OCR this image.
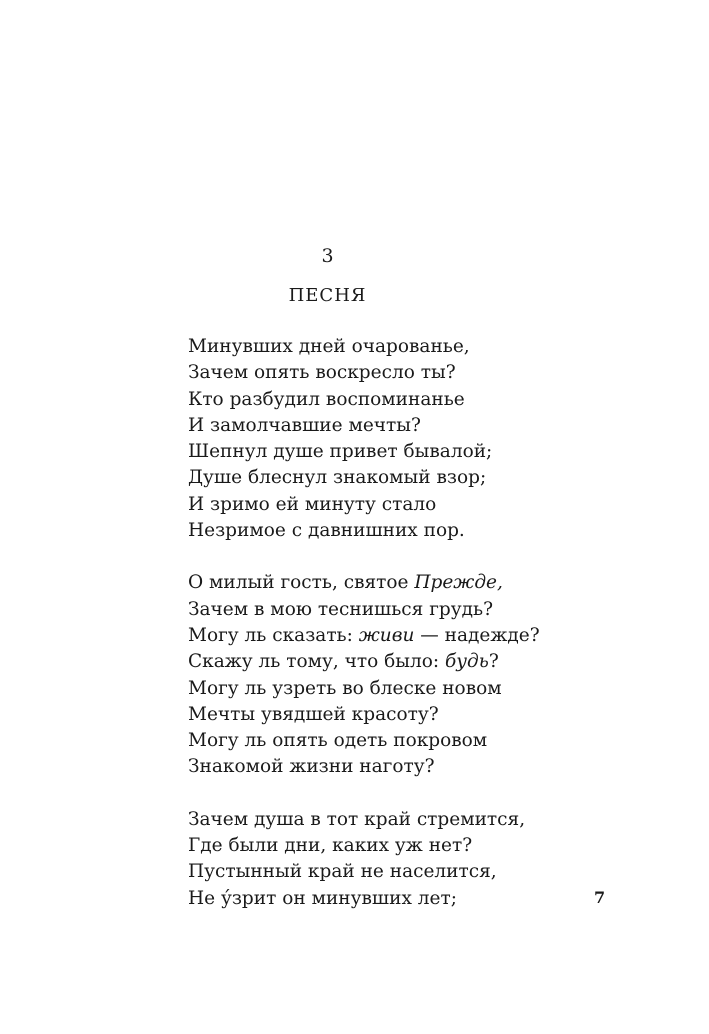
3
ПЕСНЯ
Минувших дней очарованье,
Зачем опять воскресло ты?
Кто разбудил воспоминанье
И замолчавшие мечты?
Шепнул душе привет бывалой;
Душе блеснул знакомый взор;
И зримо ей минуту стало
Незримое с давнишних пор.
О милый гость, святое Прежде,
Зачем в мою теснишься грудь?
Могу ль сказать: живи — надежде?
Скажу ль тому, что было: будь?
Могу ль узреть во блеске новом
Мечты увядшей красоту?
Могу ль опять одеть покровом
Знакомой жизни наготу?
Зачем душа в тот край стремится,
Где были дни, каких уж нет?
Пустынный край не населится,
Не у́зрит он минувших лет;	7
